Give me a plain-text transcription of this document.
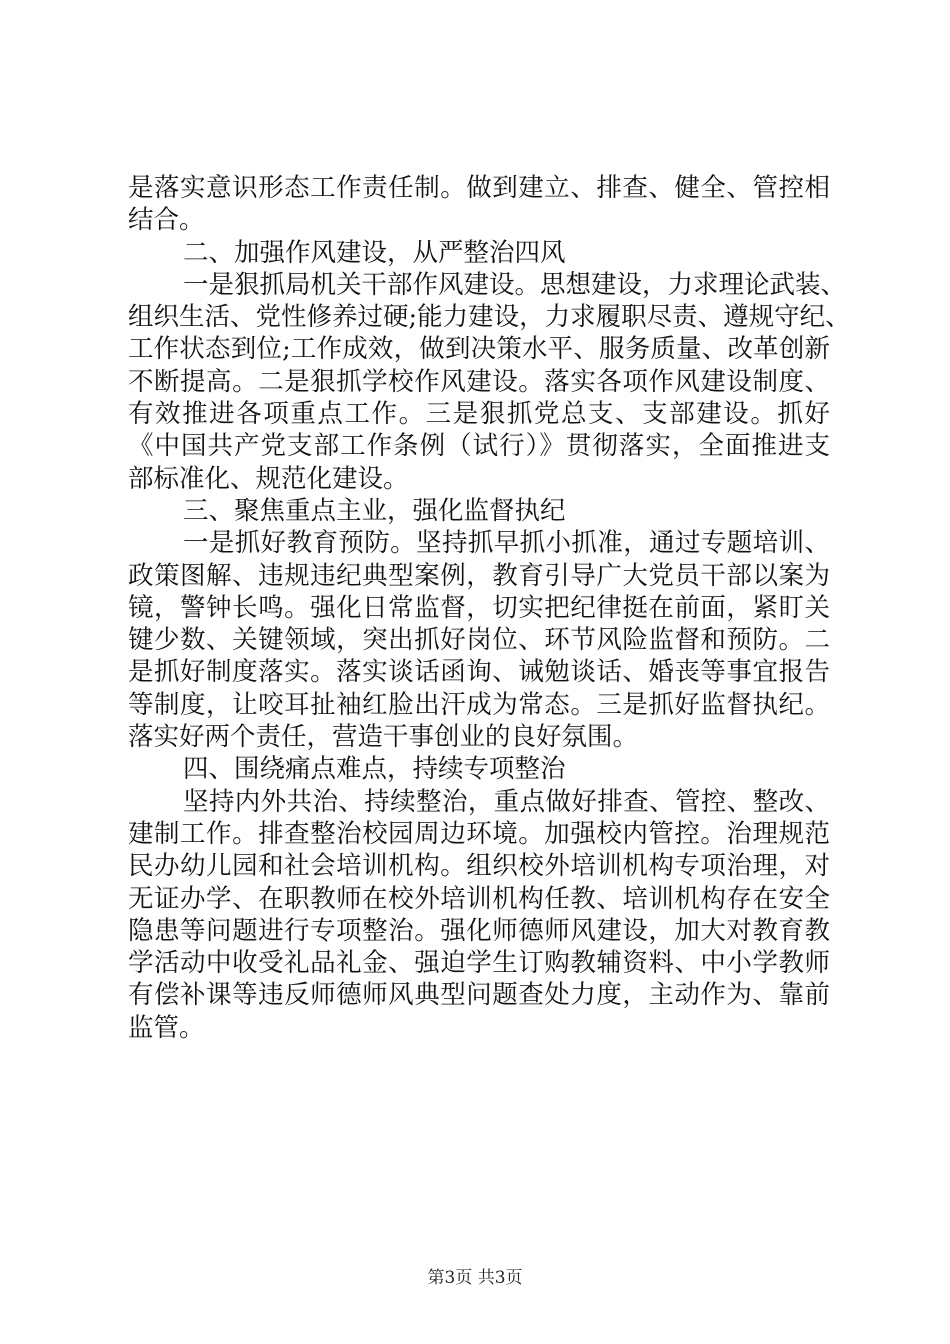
是落实意识形态工作责任制。做到建立、排查、健全、管控相
结合。
二、加强作风建设，从严整治四风
一是狠抓局机关干部作风建设。思想建设，力求理论武装、
组织生活、党性修养过硬;能力建设，力求履职尽责、遵规守纪、
工作状态到位;工作成效，做到决策水平、服务质量、改革创新
不断提高。二是狠抓学校作风建设。落实各项作风建设制度、
有效推进各项重点工作。三是狠抓党总支、支部建设。抓好
《中国共产党支部工作条例（试行）》贯彻落实，全面推进支
部标准化、规范化建设。
三、聚焦重点主业，强化监督执纪
一是抓好教育预防。坚持抓早抓小抓准，通过专题培训、
政策图解、违规违纪典型案例，教育引导广大党员干部以案为
镜，警钟长鸣。强化日常监督，切实把纪律挺在前面，紧盯关
键少数、关键领域，突出抓好岗位、环节风险监督和预防。二
是抓好制度落实。落实谈话函询、诫勉谈话、婚丧等事宜报告
等制度，让咬耳扯袖红脸出汗成为常态。三是抓好监督执纪。
落实好两个责任，营造干事创业的良好氛围。
四、围绕痛点难点，持续专项整治
坚持内外共治、持续整治，重点做好排查、管控、整改、
建制工作。排查整治校园周边环境。加强校内管控。治理规范
民办幼儿园和社会培训机构。组织校外培训机构专项治理，对
无证办学、在职教师在校外培训机构任教、培训机构存在安全
隐患等问题进行专项整治。强化师德师风建设，加大对教育教
学活动中收受礼品礼金、强迫学生订购教辅资料、中小学教师
有偿补课等违反师德师风典型问题查处力度，主动作为、靠前
监管。
第3页 共3页
